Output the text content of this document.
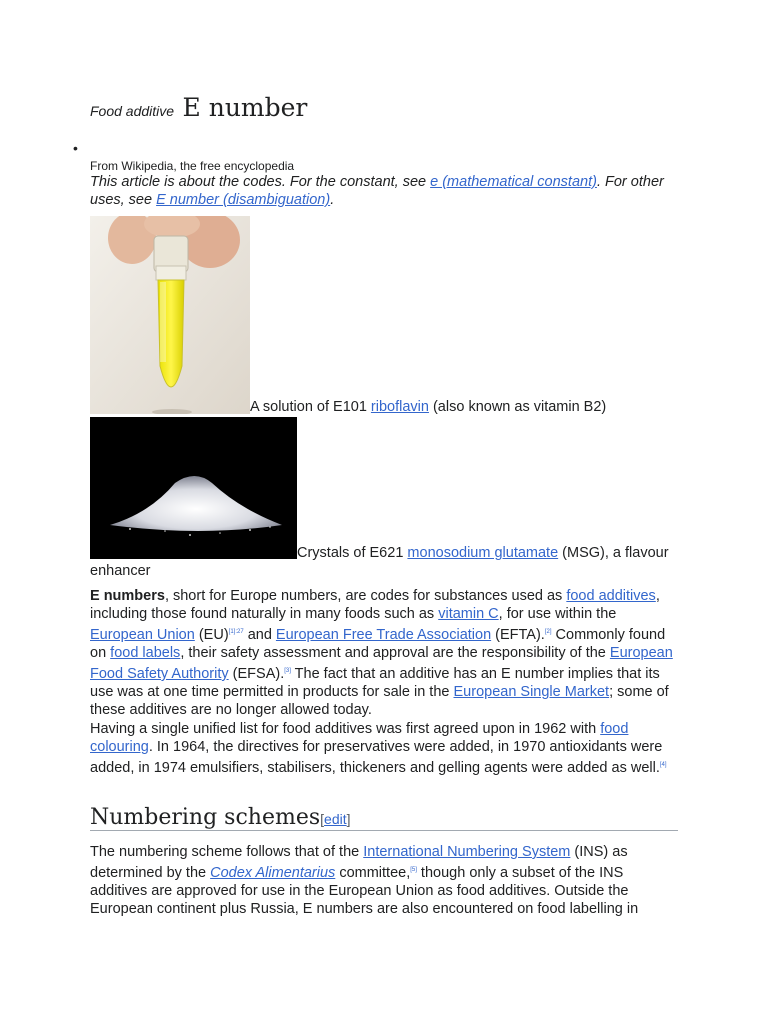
Food additive E number
•
From Wikipedia, the free encyclopedia
This article is about the codes. For the constant, see e (mathematical constant). For other uses, see E number (disambiguation).
A solution of E101 riboflavin (also known as vitamin B2)
Crystals of E621 monosodium glutamate (MSG), a flavour enhancer

E numbers, short for Europe numbers, are codes for substances used as food additives, including those found naturally in many foods such as vitamin C, for use within the European Union (EU)$^{[1]:27}$ and European Free Trade Association (EFTA).[2] Commonly found on food labels, their safety assessment and approval are the responsibility of the European Food Safety Authority (EFSA).[3] The fact that an additive has an E number implies that its use was at one time permitted in products for sale in the European Single Market; some of these additives are no longer allowed today.

Having a single unified list for food additives was first agreed upon in 1962 with food colouring. In 1964, the directives for preservatives were added, in 1970 antioxidants were added, in 1974 emulsifiers, stabilisers, thickeners and gelling agents were added as well.[4]

Numbering schemes[edit]

The numbering scheme follows that of the International Numbering System (INS) as determined by the Codex Alimentarius committee,[5] though only a subset of the INS additives are approved for use in the European Union as food additives. Outside the European continent plus Russia, E numbers are also encountered on food labelling in
